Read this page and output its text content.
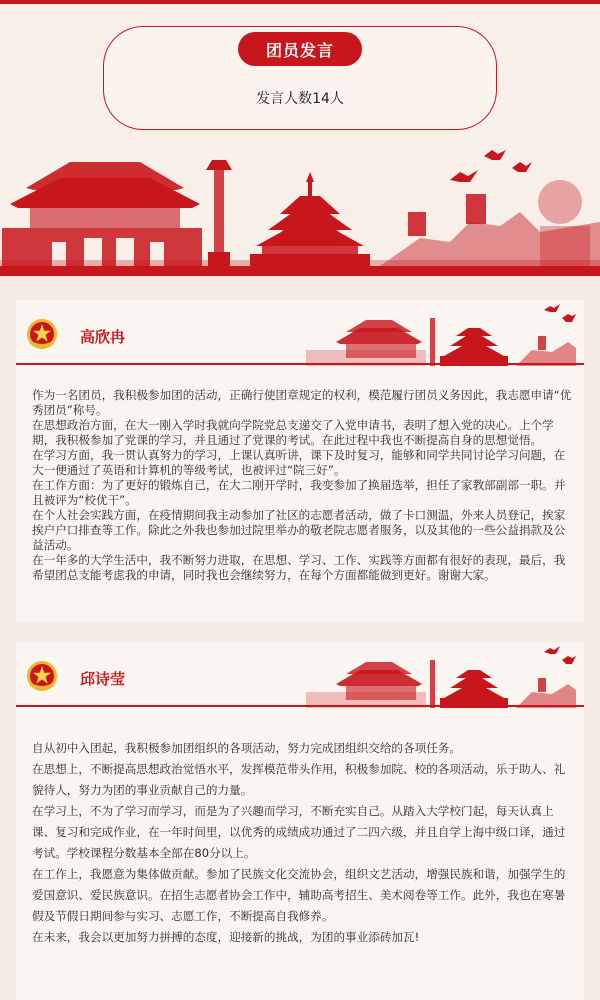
团员发言
发言人数14人
高欣冉

作为一名团员，我积极参加团的活动，正确行使团章规定的权利，模范履行团员义务因此，我志愿申请“优秀团员”称号。

在思想政治方面，在大一刚入学时我就向学院党总支递交了入党申请书，表明了想入党的决心。上个学期，我积极参加了党课的学习，并且通过了党课的考试。在此过程中我也不断提高自身的思想觉悟。

在学习方面，我一贯认真努力的学习，上课认真听讲，课下及时复习，能够和同学共同讨论学习问题，在大一便通过了英语和计算机的等级考试，也被评过“院三好”。

在工作方面：为了更好的锻炼自己，在大二刚开学时，我变参加了换届选举，担任了家教部副部一职。并且被评为“校优干”。

在个人社会实践方面，在疫情期间我主动参加了社区的志愿者活动，做了卡口测温，外来人员登记，挨家挨户户口排查等工作。除此之外我也参加过院里举办的敬老院志愿者服务，以及其他的一些公益捐款及公益活动。

在一年多的大学生活中，我不断努力进取，在思想、学习、工作、实践等方面都有很好的表现，最后，我希望团总支能考虑我的申请，同时我也会继续努力，在每个方面都能做到更好。谢谢大家。

邱诗莹

自从初中入团起，我积极参加团组织的各项活动，努力完成团组织交给的各项任务。

在思想上，不断提高思想政治觉悟水平，发挥模范带头作用，积极参加院、校的各项活动，乐于助人、礼貌待人，努力为团的事业贡献自己的力量。

在学习上，不为了学习而学习，而是为了兴趣而学习，不断充实自己。从踏入大学校门起，每天认真上课、复习和完成作业，在一年时间里，以优秀的成绩成功通过了二四六级，并且自学上海中级口译，通过考试。学校课程分数基本全部在80分以上。

在工作上，我愿意为集体做贡献。参加了民族文化交流协会，组织文艺活动，增强民族和谐，加强学生的爱国意识、爱民族意识。在招生志愿者协会工作中，辅助高考招生、美术阅卷等工作。此外，我也在寒暑假及节假日期间参与实习、志愿工作，不断提高自我修养。

在未来，我会以更加努力拼搏的态度，迎接新的挑战，为团的事业添砖加瓦!
